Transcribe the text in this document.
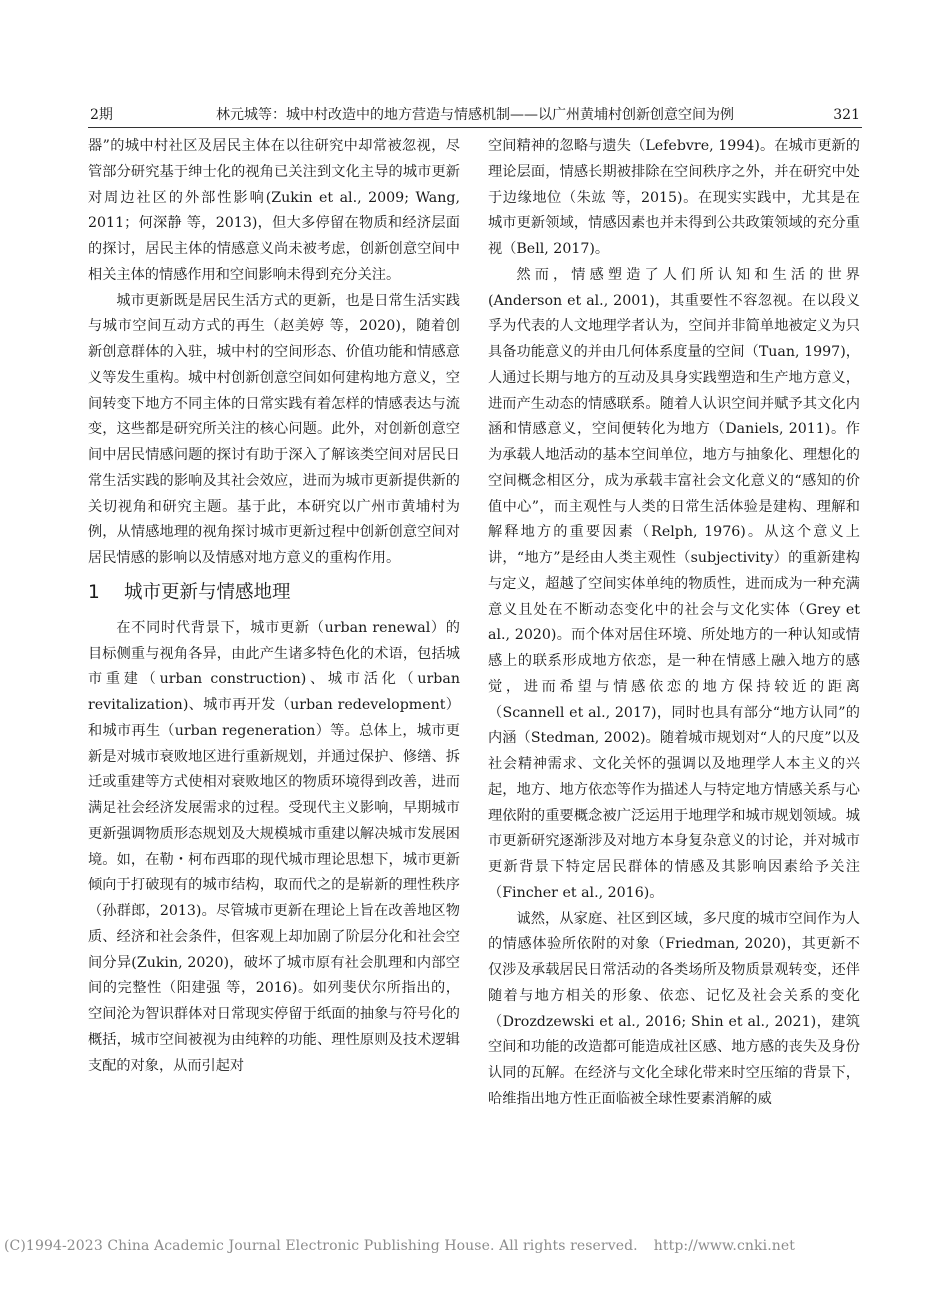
2期	林元城等：城中村改造中的地方营造与情感机制——以广州黄埔村创新创意空间为例	321

器”的城中村社区及居民主体在以往研究中却常被忽视，尽管部分研究基于绅士化的视角已关注到文化主导的城市更新对周边社区的外部性影响(Zukin et al., 2009; Wang, 2011；何深静 等，2013)，但大多停留在物质和经济层面的探讨，居民主体的情感意义尚未被考虑，创新创意空间中相关主体的情感作用和空间影响未得到充分关注。

城市更新既是居民生活方式的更新，也是日常生活实践与城市空间互动方式的再生（赵美婷 等，2020)，随着创新创意群体的入驻，城中村的空间形态、价值功能和情感意义等发生重构。城中村创新创意空间如何建构地方意义，空间转变下地方不同主体的日常实践有着怎样的情感表达与流变，这些都是研究所关注的核心问题。此外，对创新创意空间中居民情感问题的探讨有助于深入了解该类空间对居民日常生活实践的影响及其社会效应，进而为城市更新提供新的关切视角和研究主题。基于此，本研究以广州市黄埔村为例，从情感地理的视角探讨城市更新过程中创新创意空间对居民情感的影响以及情感对地方意义的重构作用。

1 城市更新与情感地理

在不同时代背景下，城市更新（urban renewal）的目标侧重与视角各异，由此产生诸多特色化的术语，包括城市重建（urban construction)、城市活化（urban revitalization)、城市再开发（urban redevelopment）和城市再生（urban regeneration）等。总体上，城市更新是对城市衰败地区进行重新规划，并通过保护、修缮、拆迁或重建等方式使相对衰败地区的物质环境得到改善，进而满足社会经济发展需求的过程。受现代主义影响，早期城市更新强调物质形态规划及大规模城市重建以解决城市发展困境。如，在勒・柯布西耶的现代城市理论思想下，城市更新倾向于打破现有的城市结构，取而代之的是崭新的理性秩序（孙群郎，2013)。尽管城市更新在理论上旨在改善地区物质、经济和社会条件，但客观上却加剧了阶层分化和社会空间分异(Zukin, 2020)，破坏了城市原有社会肌理和内部空间的完整性（阳建强 等，2016)。如列斐伏尔所指出的，空间沦为智识群体对日常现实停留于纸面的抽象与符号化的概括，城市空间被视为由纯粹的功能、理性原则及技术逻辑支配的对象，从而引起对

空间精神的忽略与遗失（Lefebvre, 1994)。在城市更新的理论层面，情感长期被排除在空间秩序之外，并在研究中处于边缘地位（朱竑 等，2015)。在现实实践中，尤其是在城市更新领域，情感因素也并未得到公共政策领域的充分重视（Bell, 2017)。

然而，情感塑造了人们所认知和生活的世界(Anderson et al., 2001)，其重要性不容忽视。在以段义孚为代表的人文地理学者认为，空间并非简单地被定义为只具备功能意义的并由几何体系度量的空间（Tuan, 1997)，人通过长期与地方的互动及具身实践塑造和生产地方意义，进而产生动态的情感联系。随着人认识空间并赋予其文化内涵和情感意义，空间便转化为地方（Daniels, 2011)。作为承载人地活动的基本空间单位，地方与抽象化、理想化的空间概念相区分，成为承载丰富社会文化意义的“感知的价值中心”，而主观性与人类的日常生活体验是建构、理解和解释地方的重要因素（Relph, 1976)。从这个意义上讲，“地方”是经由人类主观性（subjectivity）的重新建构与定义，超越了空间实体单纯的物质性，进而成为一种充满意义且处在不断动态变化中的社会与文化实体（Grey et al., 2020)。而个体对居住环境、所处地方的一种认知或情感上的联系形成地方依恋，是一种在情感上融入地方的感觉，进而希望与情感依恋的地方保持较近的距离（Scannell et al., 2017)，同时也具有部分“地方认同”的内涵（Stedman, 2002)。随着城市规划对“人的尺度”以及社会精神需求、文化关怀的强调以及地理学人本主义的兴起，地方、地方依恋等作为描述人与特定地方情感关系与心理依附的重要概念被广泛运用于地理学和城市规划领域。城市更新研究逐渐涉及对地方本身复杂意义的讨论，并对城市更新背景下特定居民群体的情感及其影响因素给予关注（Fincher et al., 2016)。

诚然，从家庭、社区到区域，多尺度的城市空间作为人的情感体验所依附的对象（Friedman, 2020)，其更新不仅涉及承载居民日常活动的各类场所及物质景观转变，还伴随着与地方相关的形象、依恋、记忆及社会关系的变化（Drozdzewski et al., 2016; Shin et al., 2021)，建筑空间和功能的改造都可能造成社区感、地方感的丧失及身份认同的瓦解。在经济与文化全球化带来时空压缩的背景下，哈维指出地方性正面临被全球性要素消解的威

(C)1994-2023 China Academic Journal Electronic Publishing House. All rights reserved. http://www.cnki.net
